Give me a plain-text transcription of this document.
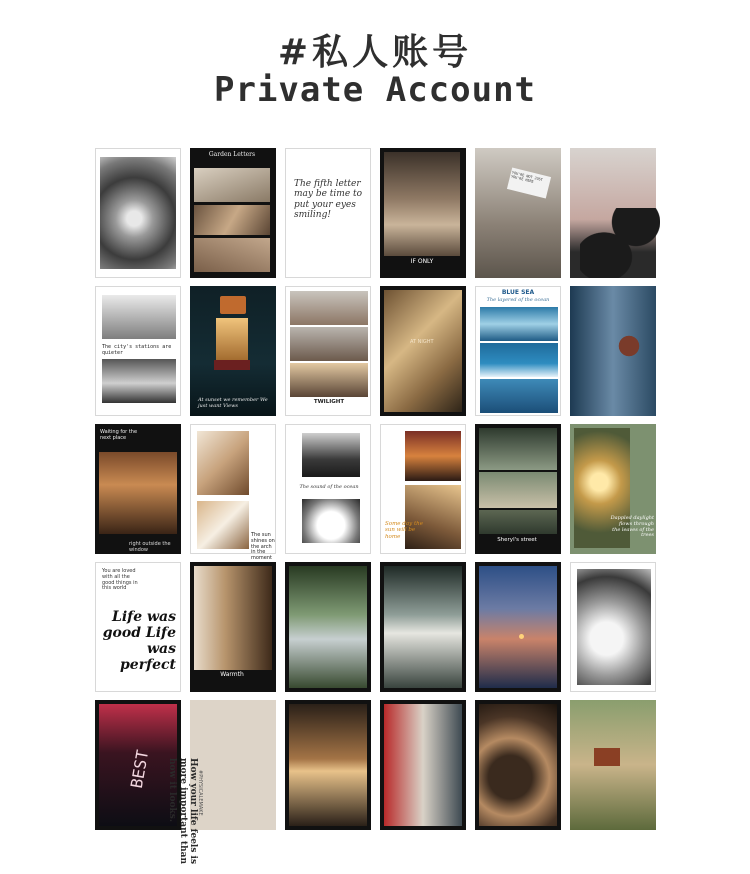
#私人账号
Private Account
Garden Letters
The fifth letter may be time to put your eyes smiling!
IF ONLY
YOU'RE NOT JUST YOU'RE HERE
The city's stations are quieter
At sunset we remember We just want Views
TWILIGHT
AT NIGHT
BLUE SEA
The layered of the ocean
Waiting for the next place
right outside the window
The sun shines on the arch in the moment
The sound of the ocean
Some day the sun will be home
Sheryl's street
Dappled daylight flows through the leaves of the trees
You are loved with all the good things in this world
Life was good Life was perfect
Warmth
BEST	How your life feels is more important than how it looks.	#PHYSICALEMAKE
